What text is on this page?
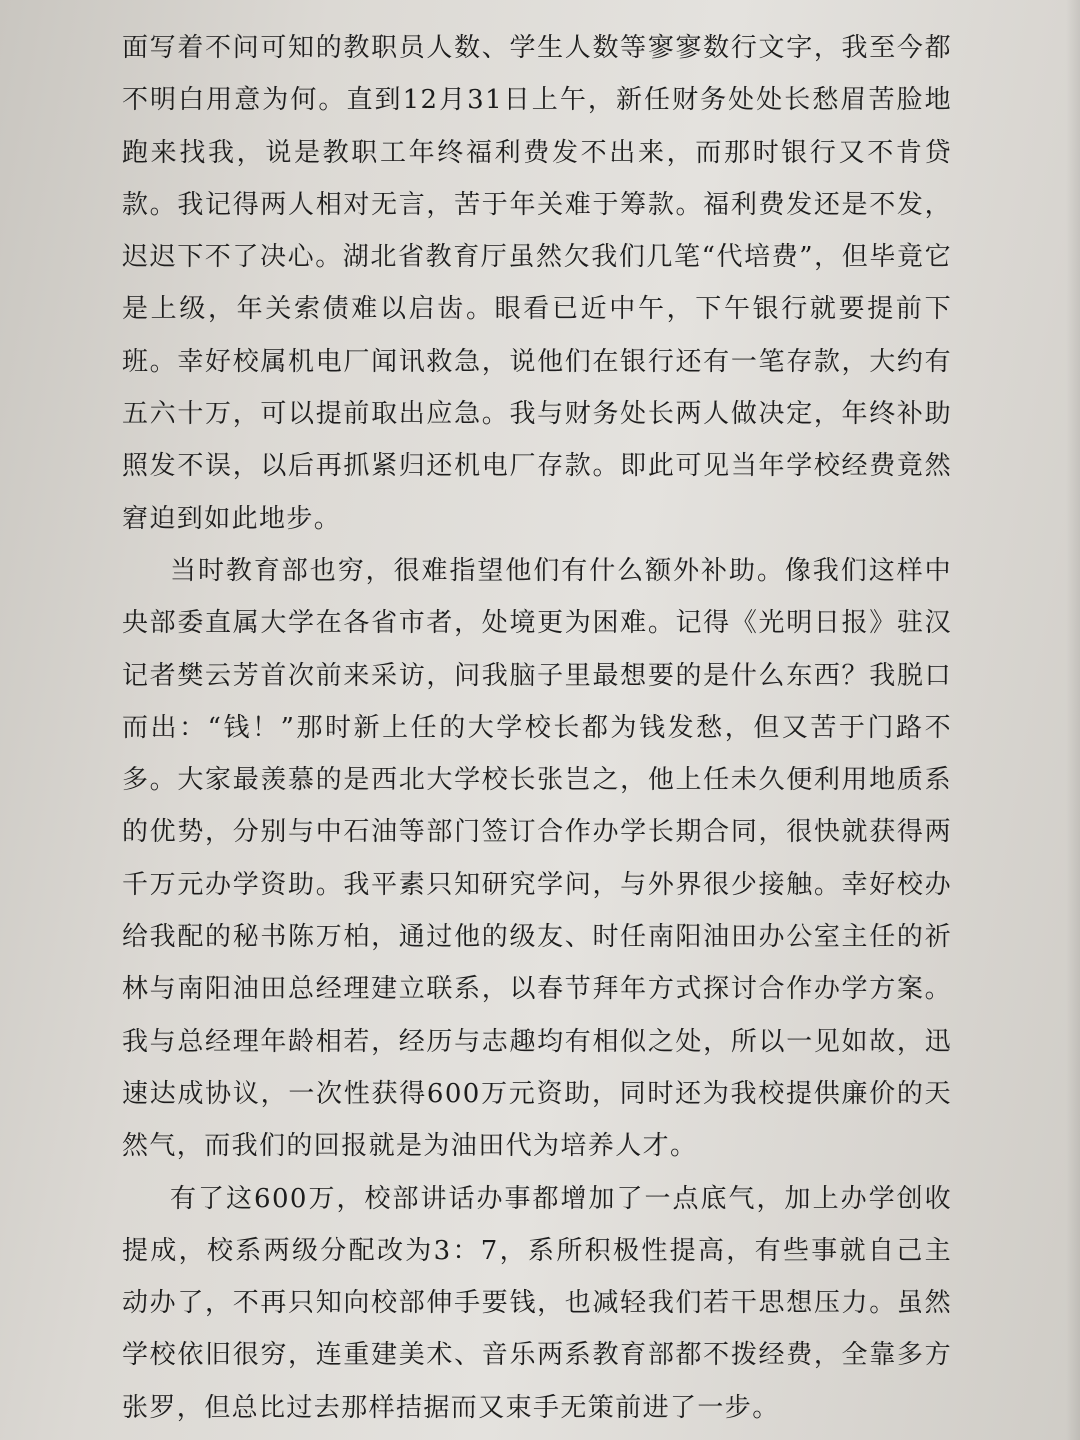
面写着不问可知的教职员人数、学生人数等寥寥数行文字，我至今都不明白用意为何。直到12月31日上午，新任财务处处长愁眉苦脸地跑来找我，说是教职工年终福利费发不出来，而那时银行又不肯贷款。我记得两人相对无言，苦于年关难于筹款。福利费发还是不发，迟迟下不了决心。湖北省教育厅虽然欠我们几笔“代培费”，但毕竟它是上级，年关索债难以启齿。眼看已近中午，下午银行就要提前下班。幸好校属机电厂闻讯救急，说他们在银行还有一笔存款，大约有五六十万，可以提前取出应急。我与财务处长两人做决定，年终补助照发不误，以后再抓紧归还机电厂存款。即此可见当年学校经费竟然窘迫到如此地步。

当时教育部也穷，很难指望他们有什么额外补助。像我们这样中央部委直属大学在各省市者，处境更为困难。记得《光明日报》驻汉记者樊云芳首次前来采访，问我脑子里最想要的是什么东西？我脱口而出：“钱！”那时新上任的大学校长都为钱发愁，但又苦于门路不多。大家最羡慕的是西北大学校长张岂之，他上任未久便利用地质系的优势，分别与中石油等部门签订合作办学长期合同，很快就获得两千万元办学资助。我平素只知研究学问，与外界很少接触。幸好校办给我配的秘书陈万柏，通过他的级友、时任南阳油田办公室主任的祈林与南阳油田总经理建立联系，以春节拜年方式探讨合作办学方案。我与总经理年龄相若，经历与志趣均有相似之处，所以一见如故，迅速达成协议，一次性获得600万元资助，同时还为我校提供廉价的天然气，而我们的回报就是为油田代为培养人才。

有了这600万，校部讲话办事都增加了一点底气，加上办学创收提成，校系两级分配改为3：7，系所积极性提高，有些事就自己主动办了，不再只知向校部伸手要钱，也减轻我们若干思想压力。虽然学校依旧很穷，连重建美术、音乐两系教育部都不拨经费，全靠多方张罗，但总比过去那样拮据而又束手无策前进了一步。
